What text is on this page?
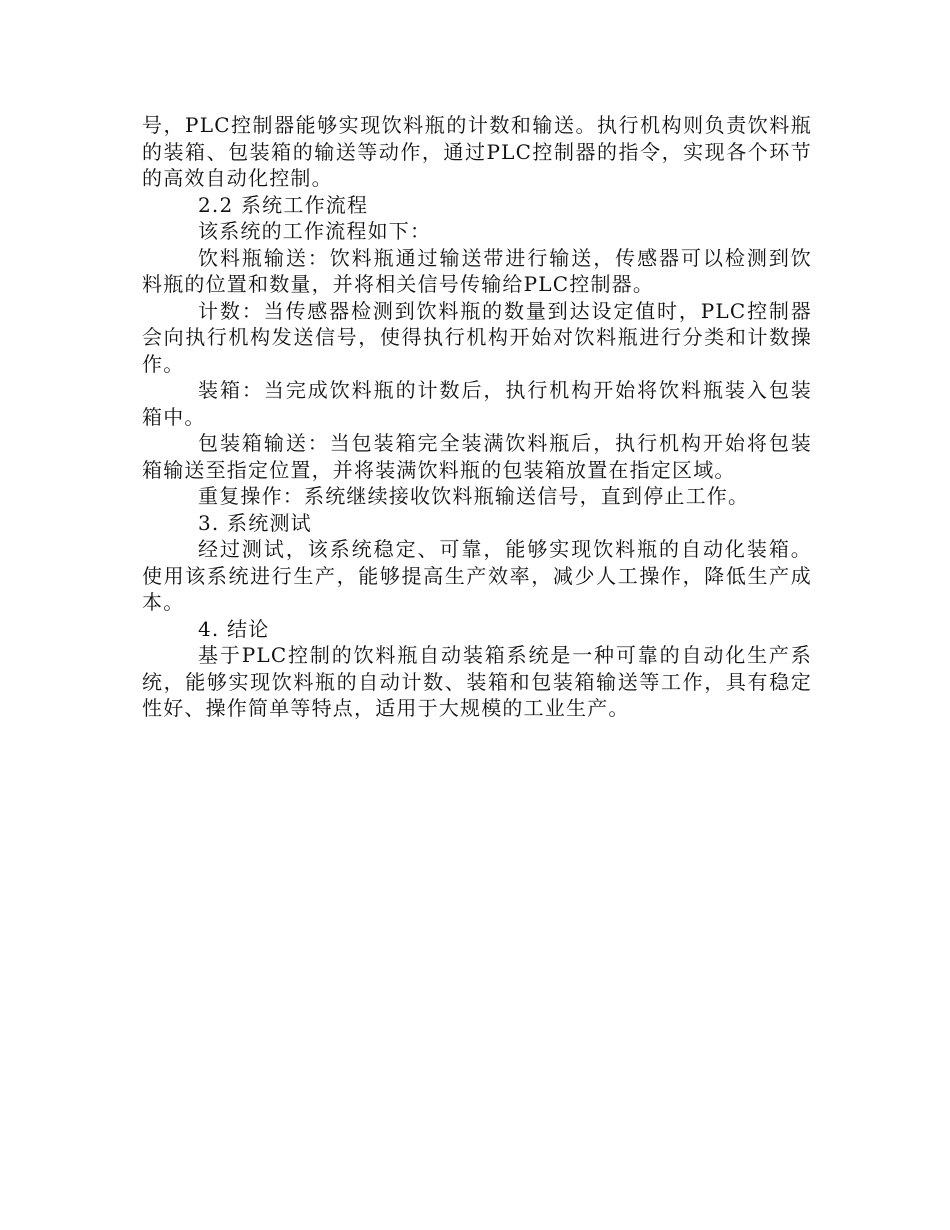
号，PLC控制器能够实现饮料瓶的计数和输送。执行机构则负责饮料瓶的装箱、包装箱的输送等动作，通过PLC控制器的指令，实现各个环节的高效自动化控制。

2.2 系统工作流程

该系统的工作流程如下：

饮料瓶输送：饮料瓶通过输送带进行输送，传感器可以检测到饮料瓶的位置和数量，并将相关信号传输给PLC控制器。

计数：当传感器检测到饮料瓶的数量到达设定值时，PLC控制器会向执行机构发送信号，使得执行机构开始对饮料瓶进行分类和计数操作。

装箱：当完成饮料瓶的计数后，执行机构开始将饮料瓶装入包装箱中。

包装箱输送：当包装箱完全装满饮料瓶后，执行机构开始将包装箱输送至指定位置，并将装满饮料瓶的包装箱放置在指定区域。

重复操作：系统继续接收饮料瓶输送信号，直到停止工作。

3. 系统测试

经过测试，该系统稳定、可靠，能够实现饮料瓶的自动化装箱。使用该系统进行生产，能够提高生产效率，减少人工操作，降低生产成本。

4. 结论

基于PLC控制的饮料瓶自动装箱系统是一种可靠的自动化生产系统，能够实现饮料瓶的自动计数、装箱和包装箱输送等工作，具有稳定性好、操作简单等特点，适用于大规模的工业生产。
